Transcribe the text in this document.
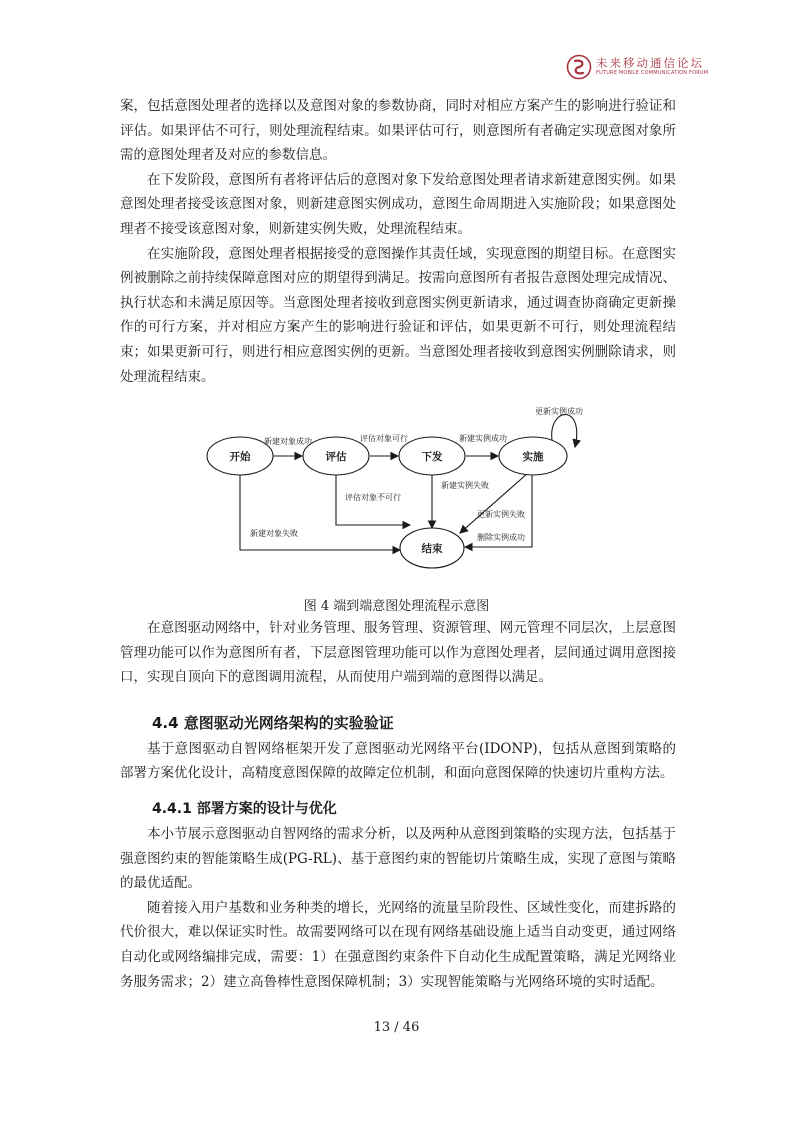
未来移动通信论坛
FUTURE MOBILE COMMUNICATION FORUM

案，包括意图处理者的选择以及意图对象的参数协商，同时对相应方案产生的影响进行验证和评估。如果评估不可行，则处理流程结束。如果评估可行，则意图所有者确定实现意图对象所需的意图处理者及对应的参数信息。

在下发阶段，意图所有者将评估后的意图对象下发给意图处理者请求新建意图实例。如果意图处理者接受该意图对象，则新建意图实例成功，意图生命周期进入实施阶段；如果意图处理者不接受该意图对象，则新建实例失败，处理流程结束。

在实施阶段，意图处理者根据接受的意图操作其责任域，实现意图的期望目标。在意图实例被删除之前持续保障意图对应的期望得到满足。按需向意图所有者报告意图处理完成情况、执行状态和未满足原因等。当意图处理者接收到意图实例更新请求，通过调查协商确定更新操作的可行方案，并对相应方案产生的影响进行验证和评估，如果更新不可行，则处理流程结束；如果更新可行，则进行相应意图实例的更新。当意图处理者接收到意图实例删除请求，则处理流程结束。

开始	评估	下发	实施
结束
新建对象成功	评估对象可行	新建实例成功
更新实例成功
评估对象不可行
新建实例失败
更新实例失败
新建对象失败	删除实例成功
图 4 端到端意图处理流程示意图

在意图驱动网络中，针对业务管理、服务管理、资源管理、网元管理不同层次，上层意图管理功能可以作为意图所有者，下层意图管理功能可以作为意图处理者，层间通过调用意图接口，实现自顶向下的意图调用流程，从而使用户端到端的意图得以满足。

4.4 意图驱动光网络架构的实验验证

基于意图驱动自智网络框架开发了意图驱动光网络平台(IDONP)，包括从意图到策略的部署方案优化设计，高精度意图保障的故障定位机制，和面向意图保障的快速切片重构方法。

4.4.1 部署方案的设计与优化

本小节展示意图驱动自智网络的需求分析，以及两种从意图到策略的实现方法，包括基于强意图约束的智能策略生成(PG-RL)、基于意图约束的智能切片策略生成，实现了意图与策略的最优适配。

随着接入用户基数和业务种类的增长，光网络的流量呈阶段性、区域性变化，而建拆路的代价很大，难以保证实时性。故需要网络可以在现有网络基础设施上适当自动变更，通过网络自动化或网络编排完成，需要：1）在强意图约束条件下自动化生成配置策略，满足光网络业务服务需求；2）建立高鲁棒性意图保障机制；3）实现智能策略与光网络环境的实时适配。

13 / 46
